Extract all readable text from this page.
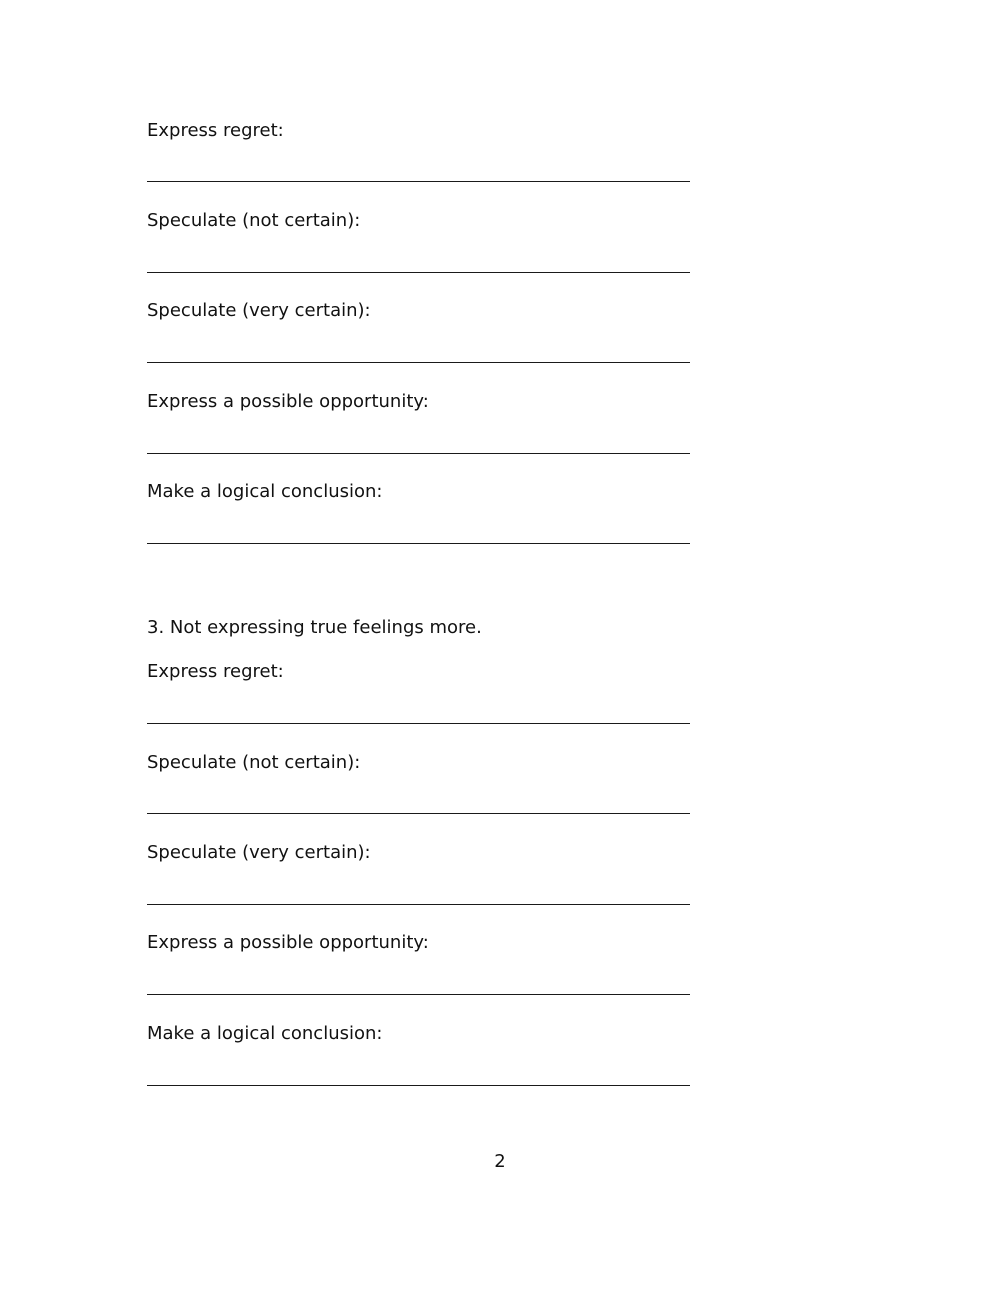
Express regret:
Speculate (not certain):
Speculate (very certain):
Express a possible opportunity:
Make a logical conclusion:
3. Not expressing true feelings more.
Express regret:
Speculate (not certain):
Speculate (very certain):
Express a possible opportunity:
Make a logical conclusion:
2
